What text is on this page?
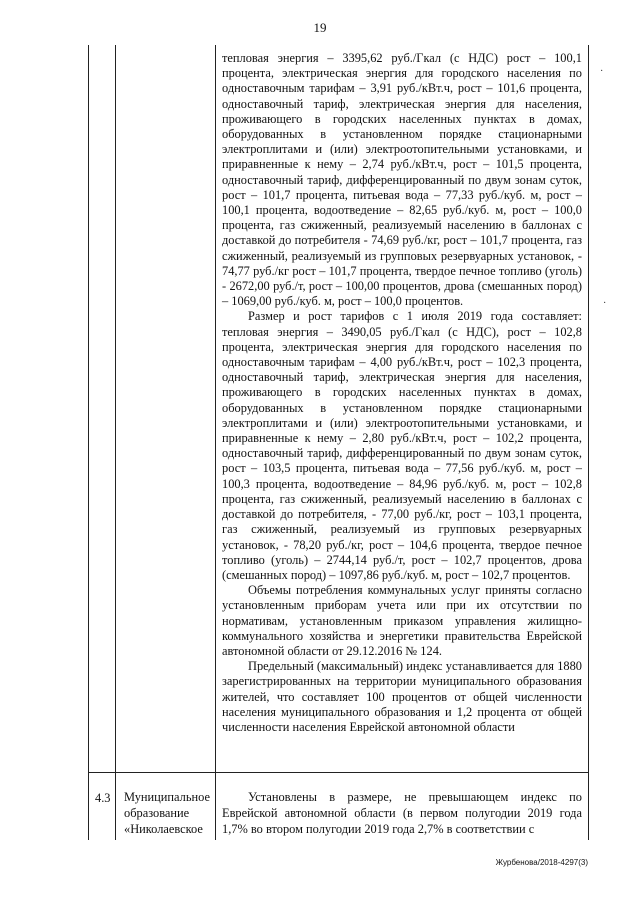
19

тепловая энергия – 3395,62 руб./Гкал (с НДС) рост – 100,1 процента, электрическая энергия для городского населения по одноставочным тарифам – 3,91 руб./кВт.ч, рост – 101,6 процента, одноставочный тариф, электрическая энергия для населения, проживающего в городских населенных пунктах в домах, оборудованных в установленном порядке стационарными электроплитами и (или) электроотопительными установками, и приравненные к нему – 2,74 руб./кВт.ч, рост – 101,5 процента, одноставочный тариф, дифференцированный по двум зонам суток, рост – 101,7 процента, питьевая вода – 77,33 руб./куб. м, рост – 100,1 процента, водоотведение – 82,65 руб./куб. м, рост – 100,0 процента, газ сжиженный, реализуемый населению в баллонах с доставкой до потребителя - 74,69 руб./кг, рост – 101,7 процента, газ сжиженный, реализуемый из групповых резервуарных установок, - 74,77 руб./кг рост – 101,7 процента, твердое печное топливо (уголь) - 2672,00 руб./т, рост – 100,00 процентов, дрова (смешанных пород) – 1069,00 руб./куб. м, рост – 100,0 процентов.

Размер и рост тарифов с 1 июля 2019 года составляет: тепловая энергия – 3490,05 руб./Гкал (с НДС), рост – 102,8 процента, электрическая энергия для городского населения по одноставочным тарифам – 4,00 руб./кВт.ч, рост – 102,3 процента, одноставочный тариф, электрическая энергия для населения, проживающего в городских населенных пунктах в домах, оборудованных в установленном порядке стационарными электроплитами и (или) электроотопительными установками, и приравненные к нему – 2,80 руб./кВт.ч, рост – 102,2 процента, одноставочный тариф, дифференцированный по двум зонам суток, рост – 103,5 процента, питьевая вода – 77,56 руб./куб. м, рост – 100,3 процента, водоотведение – 84,96 руб./куб. м, рост – 102,8 процента, газ сжиженный, реализуемый населению в баллонах с доставкой до потребителя, - 77,00 руб./кг, рост – 103,1 процента, газ сжиженный, реализуемый из групповых резервуарных установок, - 78,20 руб./кг, рост – 104,6 процента, твердое печное топливо (уголь) – 2744,14 руб./т, рост – 102,7 процентов, дрова (смешанных пород) – 1097,86 руб./куб. м, рост – 102,7 процентов.

Объемы потребления коммунальных услуг приняты согласно установленным приборам учета или при их отсутствии по нормативам, установленным приказом управления жилищно-коммунального хозяйства и энергетики правительства Еврейской автономной области от 29.12.2016 № 124.

Предельный (максимальный) индекс устанавливается для 1880 зарегистрированных на территории муниципального образования жителей, что составляет 100 процентов от общей численности населения муниципального образования и 1,2 процента от общей численности населения Еврейской автономной области

4.3 Муниципальное образование «Николаевское
Установлены в размере, не превышающем индекс по Еврейской автономной области (в первом полугодии 2019 года 1,7% во втором полугодии 2019 года 2,7% в соответствии с
Журбенова/2018-4297(3)
·
·
